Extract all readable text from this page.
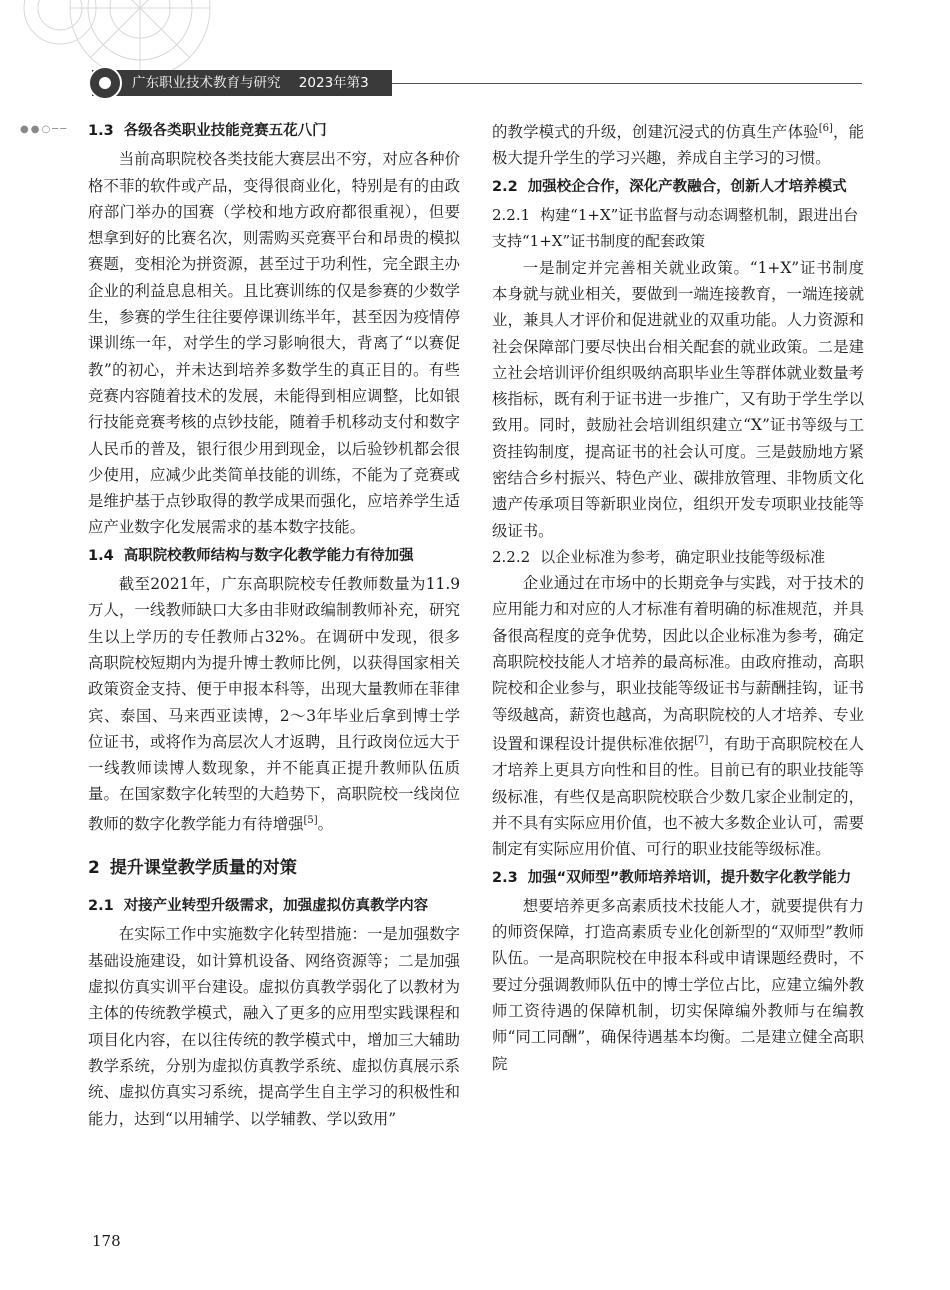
广东职业技术教育与研究 2023年第3期
●●○── 1.3 各级各类职业技能竞赛五花八门

当前高职院校各类技能大赛层出不穷，对应各种价格不菲的软件或产品，变得很商业化，特别是有的由政府部门举办的国赛（学校和地方政府都很重视），但要想拿到好的比赛名次，则需购买竞赛平台和昂贵的模拟赛题，变相沦为拼资源，甚至过于功利性，完全跟主办企业的利益息息相关。且比赛训练的仅是参赛的少数学生，参赛的学生往往要停课训练半年，甚至因为疫情停课训练一年，对学生的学习影响很大，背离了“以赛促教”的初心，并未达到培养多数学生的真正目的。有些竞赛内容随着技术的发展，未能得到相应调整，比如银行技能竞赛考核的点钞技能，随着手机移动支付和数字人民币的普及，银行很少用到现金，以后验钞机都会很少使用，应减少此类简单技能的训练，不能为了竞赛或是维护基于点钞取得的教学成果而强化，应培养学生适应产业数字化发展需求的基本数字技能。

1.4 高职院校教师结构与数字化教学能力有待加强

截至2021年，广东高职院校专任教师数量为11.9万人，一线教师缺口大多由非财政编制教师补充，研究生以上学历的专任教师占32%。在调研中发现，很多高职院校短期内为提升博士教师比例，以获得国家相关政策资金支持、便于申报本科等，出现大量教师在菲律宾、泰国、马来西亚读博，2～3年毕业后拿到博士学位证书，或将作为高层次人才返聘，且行政岗位远大于一线教师读博人数现象，并不能真正提升教师队伍质量。在国家数字化转型的大趋势下，高职院校一线岗位教师的数字化教学能力有待增强[5]。

2 提升课堂教学质量的对策
2.1 对接产业转型升级需求，加强虚拟仿真教学内容

在实际工作中实施数字化转型措施：一是加强数字基础设施建设，如计算机设备、网络资源等；二是加强虚拟仿真实训平台建设。虚拟仿真教学弱化了以教材为主体的传统教学模式，融入了更多的应用型实践课程和项目化内容，在以往传统的教学模式中，增加三大辅助教学系统，分别为虚拟仿真教学系统、虚拟仿真展示系统、虚拟仿真实习系统，提高学生自主学习的积极性和能力，达到“以用辅学、以学辅教、学以致用”

的教学模式的升级，创建沉浸式的仿真生产体验[6]，能极大提升学生的学习兴趣，养成自主学习的习惯。

2.2 加强校企合作，深化产教融合，创新人才培养模式
2.2.1 构建“1+X”证书监督与动态调整机制，跟进出台支持“1+X”证书制度的配套政策

一是制定并完善相关就业政策。“1+X”证书制度本身就与就业相关，要做到一端连接教育，一端连接就业，兼具人才评价和促进就业的双重功能。人力资源和社会保障部门要尽快出台相关配套的就业政策。二是建立社会培训评价组织吸纳高职毕业生等群体就业数量考核指标，既有利于证书进一步推广，又有助于学生学以致用。同时，鼓励社会培训组织建立“X”证书等级与工资挂钩制度，提高证书的社会认可度。三是鼓励地方紧密结合乡村振兴、特色产业、碳排放管理、非物质文化遗产传承项目等新职业岗位，组织开发专项职业技能等级证书。

2.2.2 以企业标准为参考，确定职业技能等级标准

企业通过在市场中的长期竞争与实践，对于技术的应用能力和对应的人才标准有着明确的标准规范，并具备很高程度的竞争优势，因此以企业标准为参考，确定高职院校技能人才培养的最高标准。由政府推动，高职院校和企业参与，职业技能等级证书与薪酬挂钩，证书等级越高，薪资也越高，为高职院校的人才培养、专业设置和课程设计提供标准依据[7]，有助于高职院校在人才培养上更具方向性和目的性。目前已有的职业技能等级标准，有些仅是高职院校联合少数几家企业制定的，并不具有实际应用价值，也不被大多数企业认可，需要制定有实际应用价值、可行的职业技能等级标准。

2.3 加强“双师型”教师培养培训，提升数字化教学能力

想要培养更多高素质技术技能人才，就要提供有力的师资保障，打造高素质专业化创新型的“双师型”教师队伍。一是高职院校在申报本科或申请课题经费时，不要过分强调教师队伍中的博士学位占比，应建立编外教师工资待遇的保障机制，切实保障编外教师与在编教师“同工同酬”，确保待遇基本均衡。二是建立健全高职院

178
